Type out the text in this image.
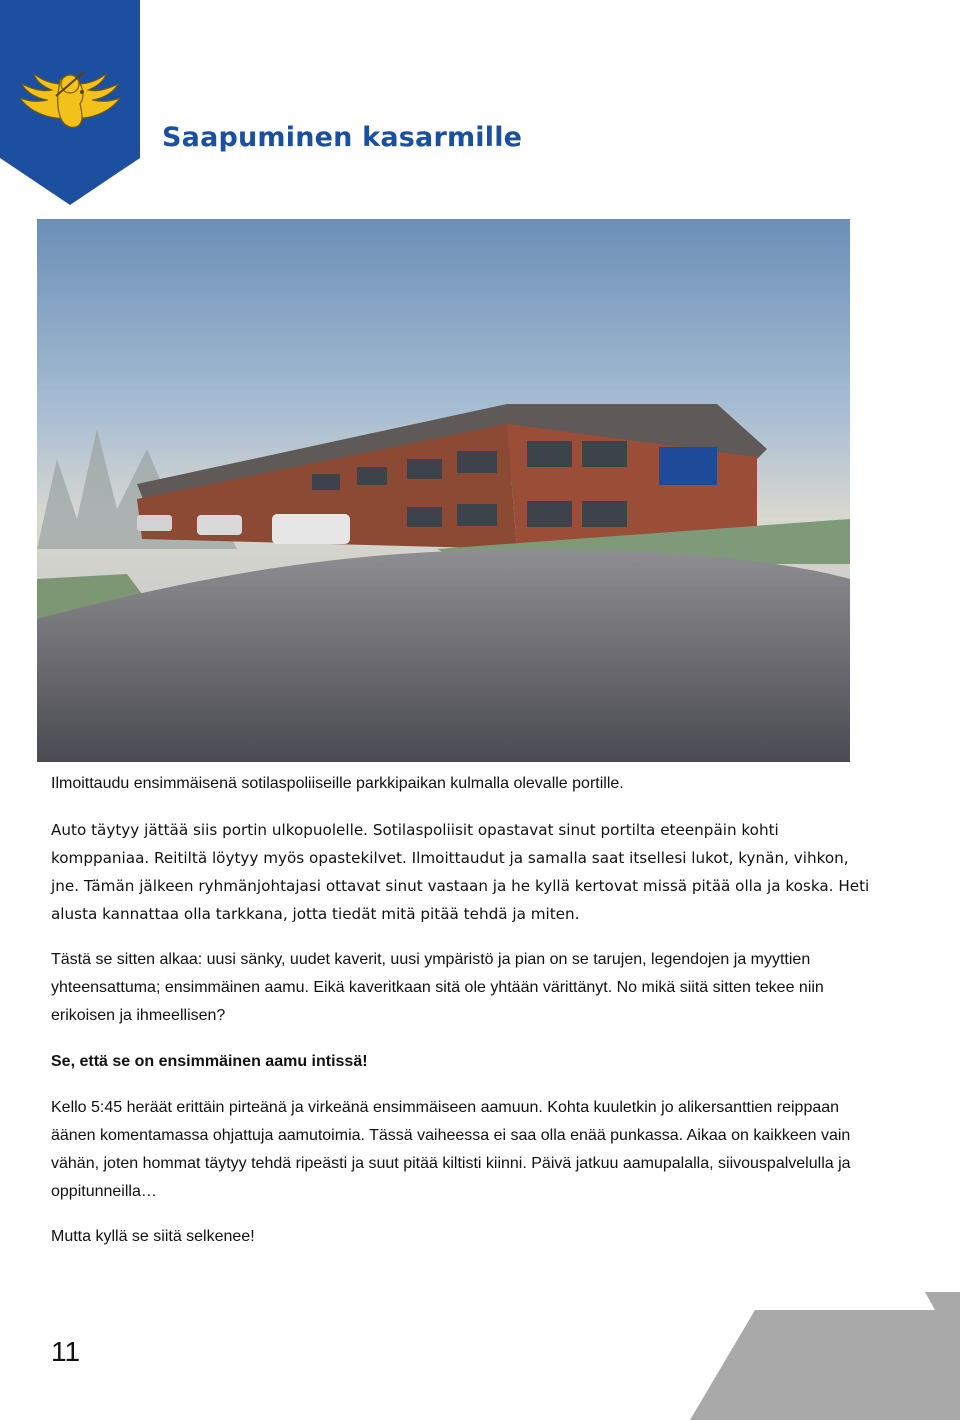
Saapuminen kasarmille

Ilmoittaudu ensimmäisenä sotilaspoliiseille parkkipaikan kulmalla olevalle portille.

Auto täytyy jättää siis portin ulkopuolelle. Sotilaspoliisit opastavat sinut portilta eteenpäin kohti komppaniaa. Reitiltä löytyy myös opastekilvet. Ilmoittaudut ja samalla saat itsellesi lukot, kynän, vihkon, jne. Tämän jälkeen ryhmänjohtajasi ottavat sinut vastaan ja he kyllä kertovat missä pitää olla ja koska. Heti alusta kannattaa olla tarkkana, jotta tiedät mitä pitää tehdä ja miten.

Tästä se sitten alkaa: uusi sänky, uudet kaverit, uusi ympäristö ja pian on se tarujen, legendojen ja myyttien yhteensattuma; ensimmäinen aamu. Eikä kaveritkaan sitä ole yhtään värittänyt. No mikä siitä sitten tekee niin erikoisen ja ihmeellisen?

Se, että se on ensimmäinen aamu intissä!

Kello 5:45 heräät erittäin pirteänä ja virkeänä ensimmäiseen aamuun. Kohta kuuletkin jo alikersanttien reippaan äänen komentamassa ohjattuja aamutoimia. Tässä vaiheessa ei saa olla enää punkassa. Aikaa on kaikkeen vain vähän, joten hommat täytyy tehdä ripeästi ja suut pitää kiltisti kiinni. Päivä jatkuu aamupalalla, siivouspalvelulla ja oppitunneilla…

Mutta kyllä se siitä selkenee!

11
